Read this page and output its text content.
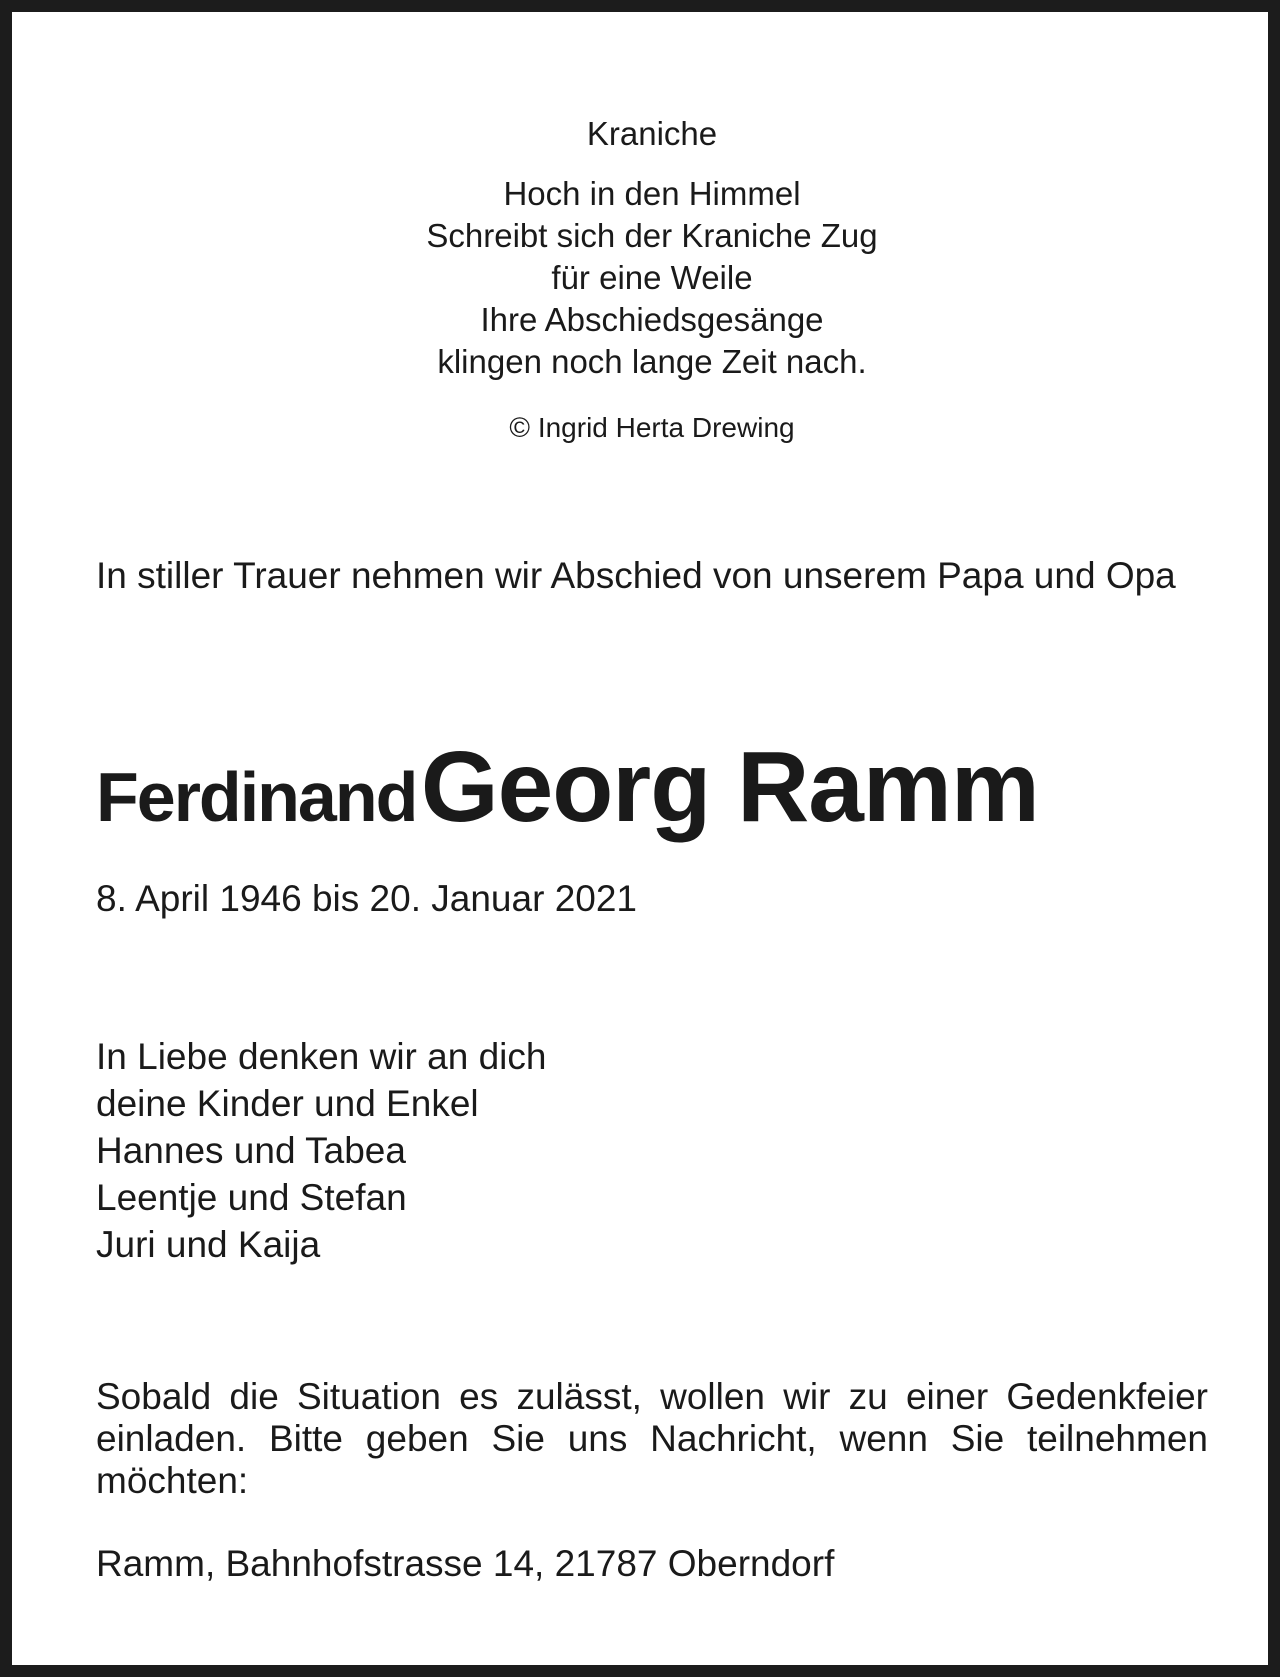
Kraniche
Hoch in den Himmel
Schreibt sich der Kraniche Zug
für eine Weile
Ihre Abschiedsgesänge
klingen noch lange Zeit nach.
© Ingrid Herta Drewing
In stiller Trauer nehmen wir Abschied von unserem Papa und Opa
Ferdinand Georg Ramm
8. April 1946 bis 20. Januar 2021
In Liebe denken wir an dich
deine Kinder und Enkel
Hannes und Tabea
Leentje und Stefan
Juri und Kaija
Sobald die Situation es zulässt, wollen wir zu einer Gedenkfeier einladen. Bitte geben Sie uns Nachricht, wenn Sie teilnehmen möchten:
Ramm, Bahnhofstrasse 14, 21787 Oberndorf
